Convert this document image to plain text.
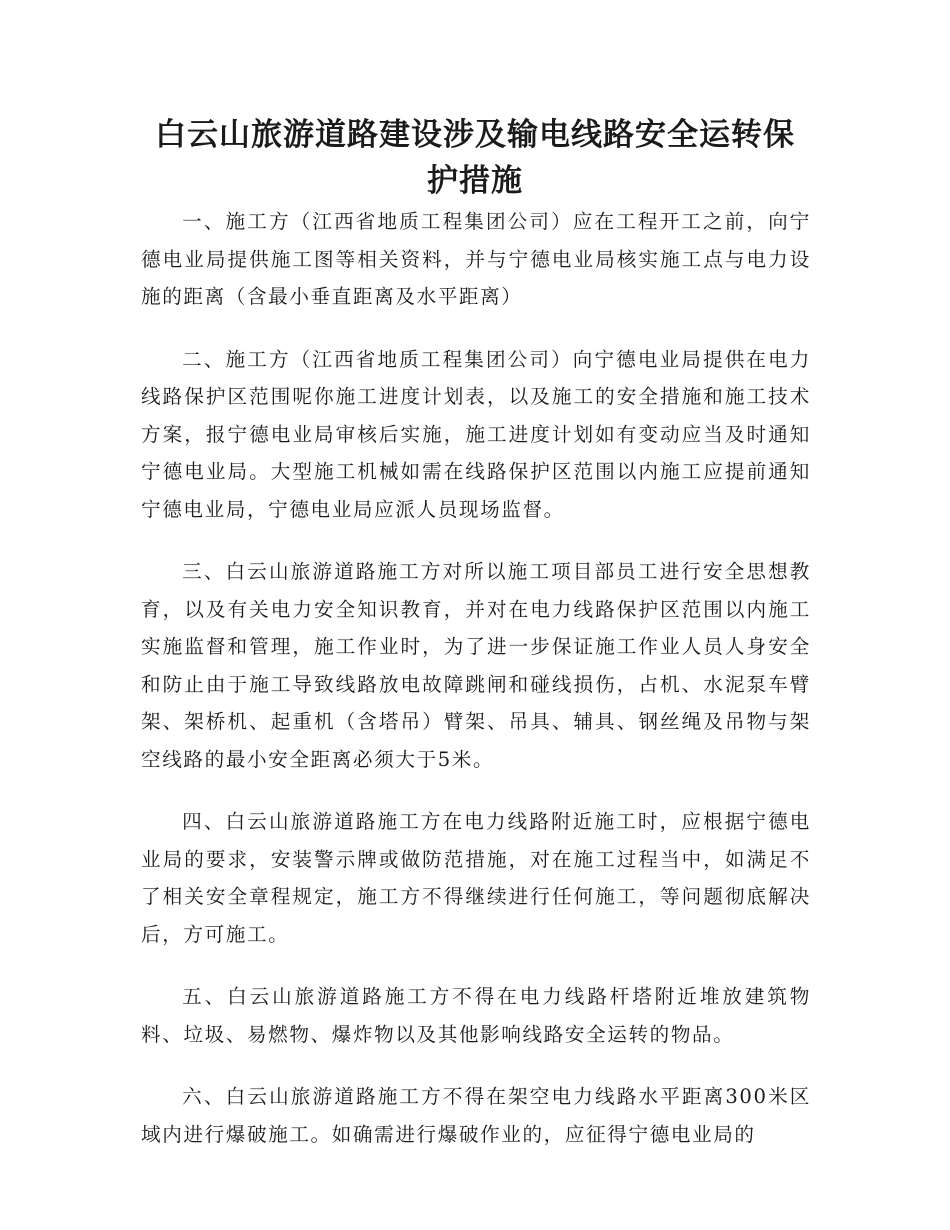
白云山旅游道路建设涉及输电线路安全运转保护措施

一、施工方（江西省地质工程集团公司）应在工程开工之前，向宁德电业局提供施工图等相关资料，并与宁德电业局核实施工点与电力设施的距离（含最小垂直距离及水平距离）

二、施工方（江西省地质工程集团公司）向宁德电业局提供在电力线路保护区范围呢你施工进度计划表，以及施工的安全措施和施工技术方案，报宁德电业局审核后实施，施工进度计划如有变动应当及时通知宁德电业局。大型施工机械如需在线路保护区范围以内施工应提前通知宁德电业局，宁德电业局应派人员现场监督。

三、白云山旅游道路施工方对所以施工项目部员工进行安全思想教育，以及有关电力安全知识教育，并对在电力线路保护区范围以内施工实施监督和管理，施工作业时，为了进一步保证施工作业人员人身安全和防止由于施工导致线路放电故障跳闸和碰线损伤，占机、水泥泵车臂架、架桥机、起重机（含塔吊）臂架、吊具、辅具、钢丝绳及吊物与架空线路的最小安全距离必须大于5米。

四、白云山旅游道路施工方在电力线路附近施工时，应根据宁德电业局的要求，安装警示牌或做防范措施，对在施工过程当中，如满足不了相关安全章程规定，施工方不得继续进行任何施工，等问题彻底解决后，方可施工。

五、白云山旅游道路施工方不得在电力线路杆塔附近堆放建筑物料、垃圾、易燃物、爆炸物以及其他影响线路安全运转的物品。

六、白云山旅游道路施工方不得在架空电力线路水平距离300米区域内进行爆破施工。如确需进行爆破作业的，应征得宁德电业局的
